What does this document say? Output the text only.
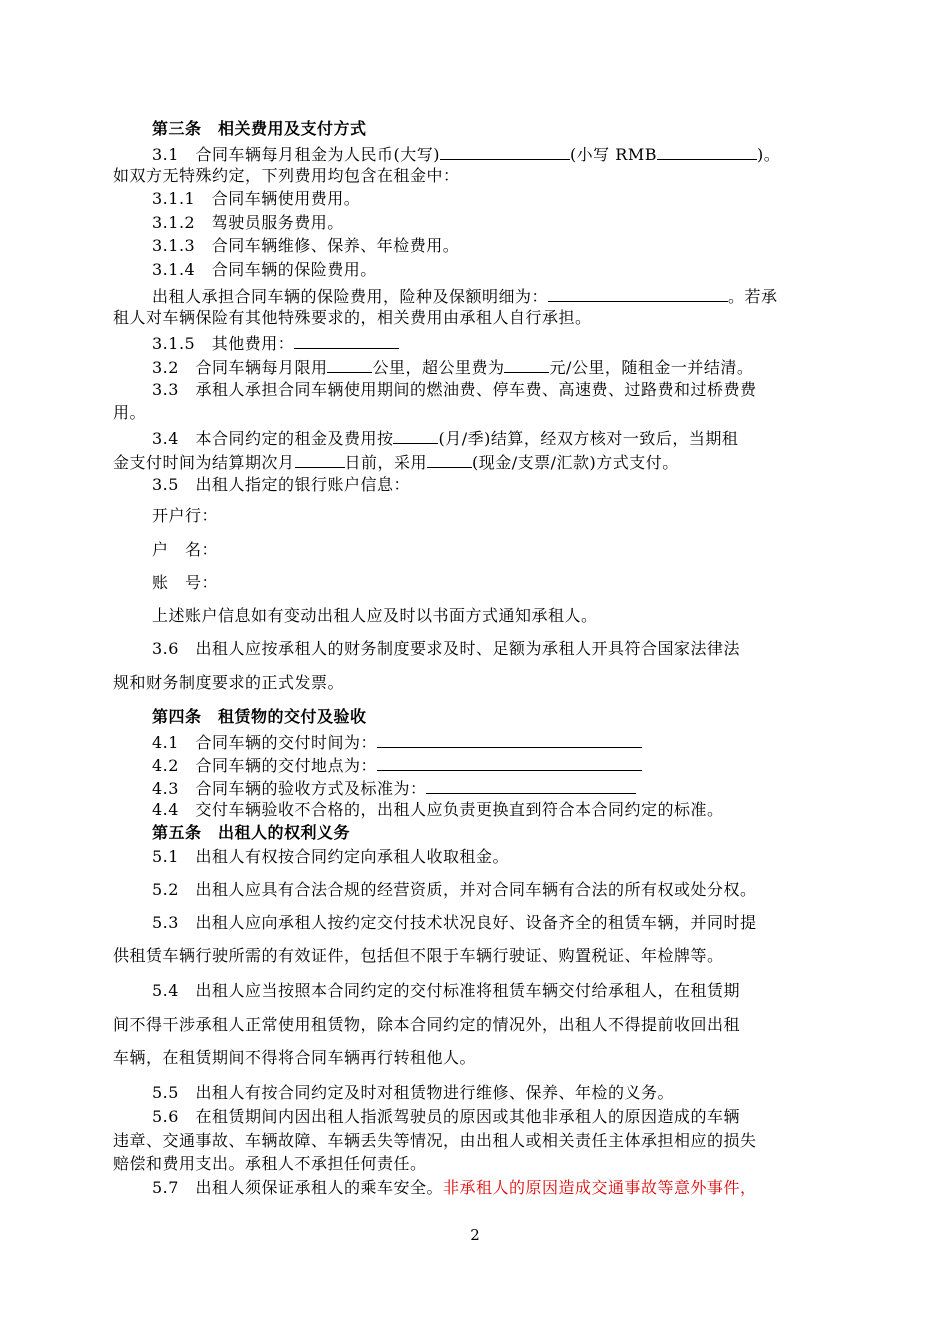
第三条　相关费用及支付方式
3.1　合同车辆每月租金为人民币(大写)	(小写 RMB	)。
如双方无特殊约定，下列费用均包含在租金中：
3.1.1　合同车辆使用费用。
3.1.2　驾驶员服务费用。
3.1.3　合同车辆维修、保养、年检费用。
3.1.4　合同车辆的保险费用。
出租人承担合同车辆的保险费用，险种及保额明细为：	。若承
租人对车辆保险有其他特殊要求的，相关费用由承租人自行承担。
3.1.5　其他费用：
3.2　合同车辆每月限用	公里，超公里费为	元/公里，随租金一并结清。
3.3　承租人承担合同车辆使用期间的燃油费、停车费、高速费、过路费和过桥费费
用。
3.4　本合同约定的租金及费用按	(月/季)结算，经双方核对一致后，当期租
金支付时间为结算期次月	日前，采用	(现金/支票/汇款)方式支付。
3.5　出租人指定的银行账户信息：
开户行：
户　名：
账　号：
上述账户信息如有变动出租人应及时以书面方式通知承租人。
3.6　出租人应按承租人的财务制度要求及时、足额为承租人开具符合国家法律法
规和财务制度要求的正式发票。
第四条　租赁物的交付及验收
4.1　合同车辆的交付时间为：
4.2　合同车辆的交付地点为：
4.3　合同车辆的验收方式及标准为：
4.4　交付车辆验收不合格的，出租人应负责更换直到符合本合同约定的标准。
第五条　出租人的权利义务
5.1　出租人有权按合同约定向承租人收取租金。
5.2　出租人应具有合法合规的经营资质，并对合同车辆有合法的所有权或处分权。
5.3　出租人应向承租人按约定交付技术状况良好、设备齐全的租赁车辆，并同时提
供租赁车辆行驶所需的有效证件，包括但不限于车辆行驶证、购置税证、年检牌等。
5.4　出租人应当按照本合同约定的交付标准将租赁车辆交付给承租人，在租赁期
间不得干涉承租人正常使用租赁物，除本合同约定的情况外，出租人不得提前收回出租
车辆，在租赁期间不得将合同车辆再行转租他人。
5.5　出租人有按合同约定及时对租赁物进行维修、保养、年检的义务。
5.6　在租赁期间内因出租人指派驾驶员的原因或其他非承租人的原因造成的车辆
违章、交通事故、车辆故障、车辆丢失等情况，由出租人或相关责任主体承担相应的损失
赔偿和费用支出。承租人不承担任何责任。
5.7　出租人须保证承租人的乘车安全。非承租人的原因造成交通事故等意外事件，
2
